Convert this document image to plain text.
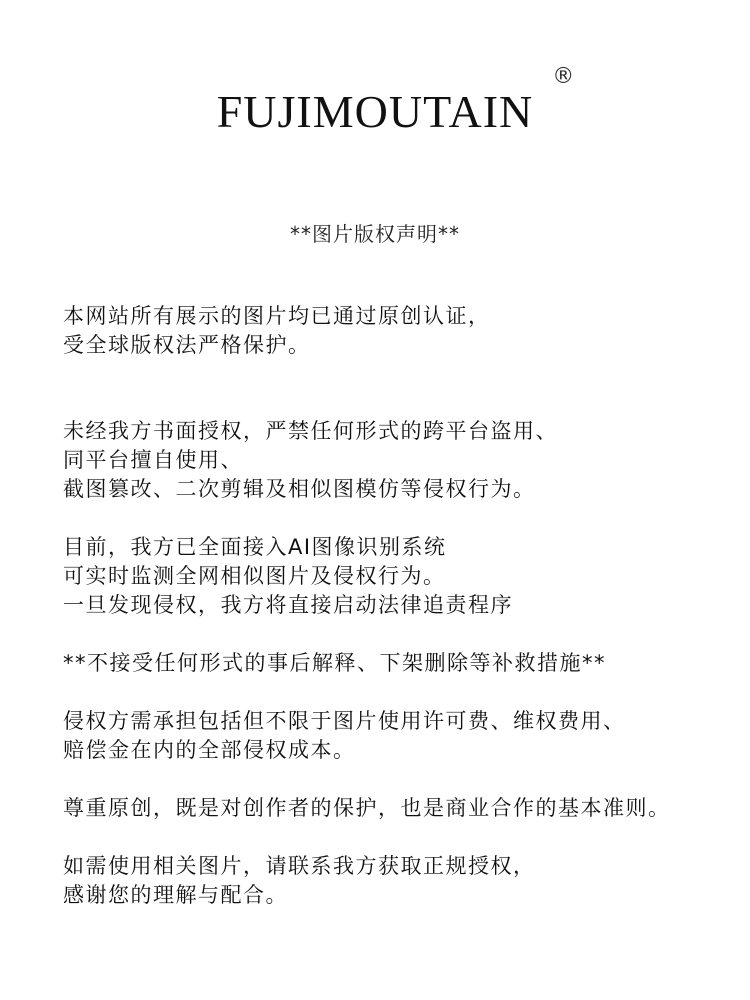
FUJIMOUTAIN
®
**图片版权声明**

本网站所有展示的图片均已通过原创认证，
受全球版权法严格保护。

未经我方书面授权，严禁任何形式的跨平台盗用、
同平台擅自使用、
截图篡改、二次剪辑及相似图模仿等侵权行为。

目前，我方已全面接入AI图像识别系统
可实时监测全网相似图片及侵权行为。
一旦发现侵权，我方将直接启动法律追责程序

**不接受任何形式的事后解释、下架删除等补救措施**

侵权方需承担包括但不限于图片使用许可费、维权费用、
赔偿金在内的全部侵权成本。

尊重原创，既是对创作者的保护，也是商业合作的基本准则。

如需使用相关图片，请联系我方获取正规授权，
感谢您的理解与配合。
